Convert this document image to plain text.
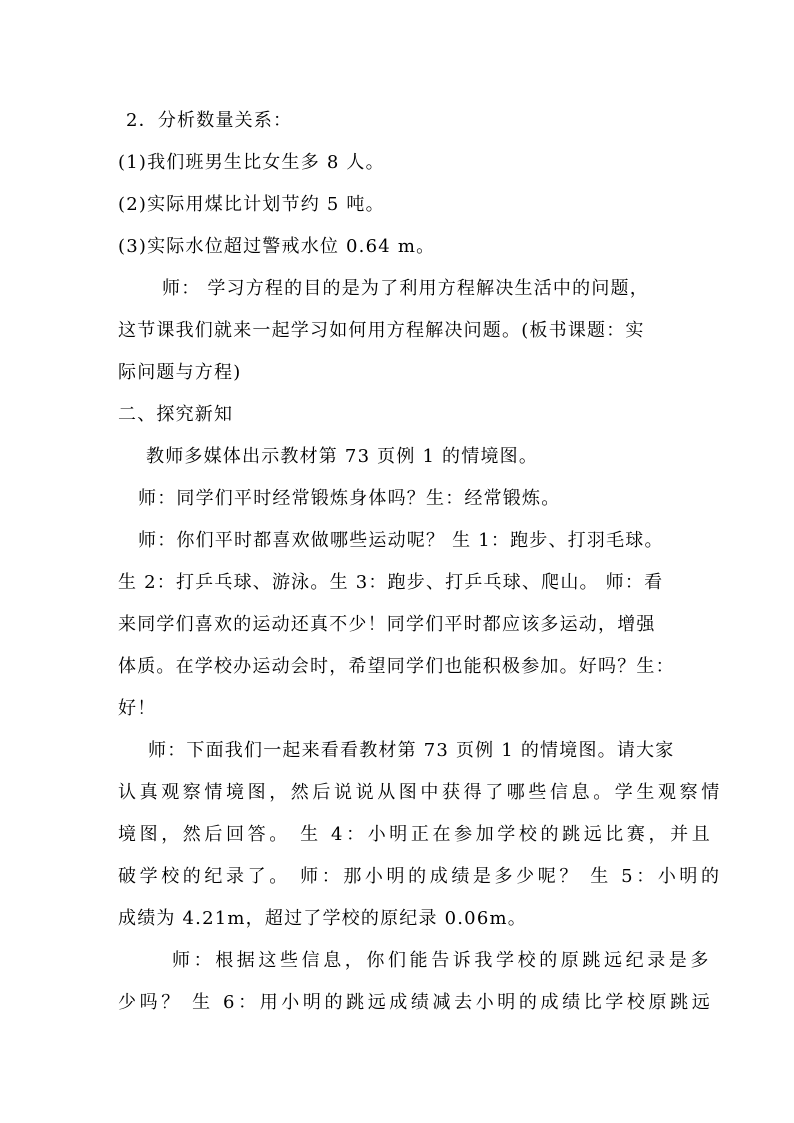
2．分析数量关系：

(1)我们班男生比女生多 8 人。

(2)实际用煤比计划节约 5 吨。

(3)实际水位超过警戒水位 0.64 m。

师： 学习方程的目的是为了利用方程解决生活中的问题，

这节课我们就来一起学习如何用方程解决问题。(板书课题：实

际问题与方程)

二、探究新知

教师多媒体出示教材第 73 页例 1 的情境图。

师：同学们平时经常锻炼身体吗？生：经常锻炼。

师：你们平时都喜欢做哪些运动呢？ 生 1：跑步、打羽毛球。

生 2：打乒乓球、游泳。生 3：跑步、打乒乓球、爬山。 师：看

来同学们喜欢的运动还真不少！同学们平时都应该多运动，增强

体质。在学校办运动会时，希望同学们也能积极参加。好吗？生：

好！

师：下面我们一起来看看教材第 73 页例 1 的情境图。请大家

认真观察情境图，然后说说从图中获得了哪些信息。学生观察情

境图，然后回答。 生 4：小明正在参加学校的跳远比赛，并且

破学校的纪录了。 师：那小明的成绩是多少呢？ 生 5：小明的

成绩为 4.21m，超过了学校的原纪录 0.06m。

师：根据这些信息，你们能告诉我学校的原跳远纪录是多

少吗？ 生 6：用小明的跳远成绩减去小明的成绩比学校原跳远
